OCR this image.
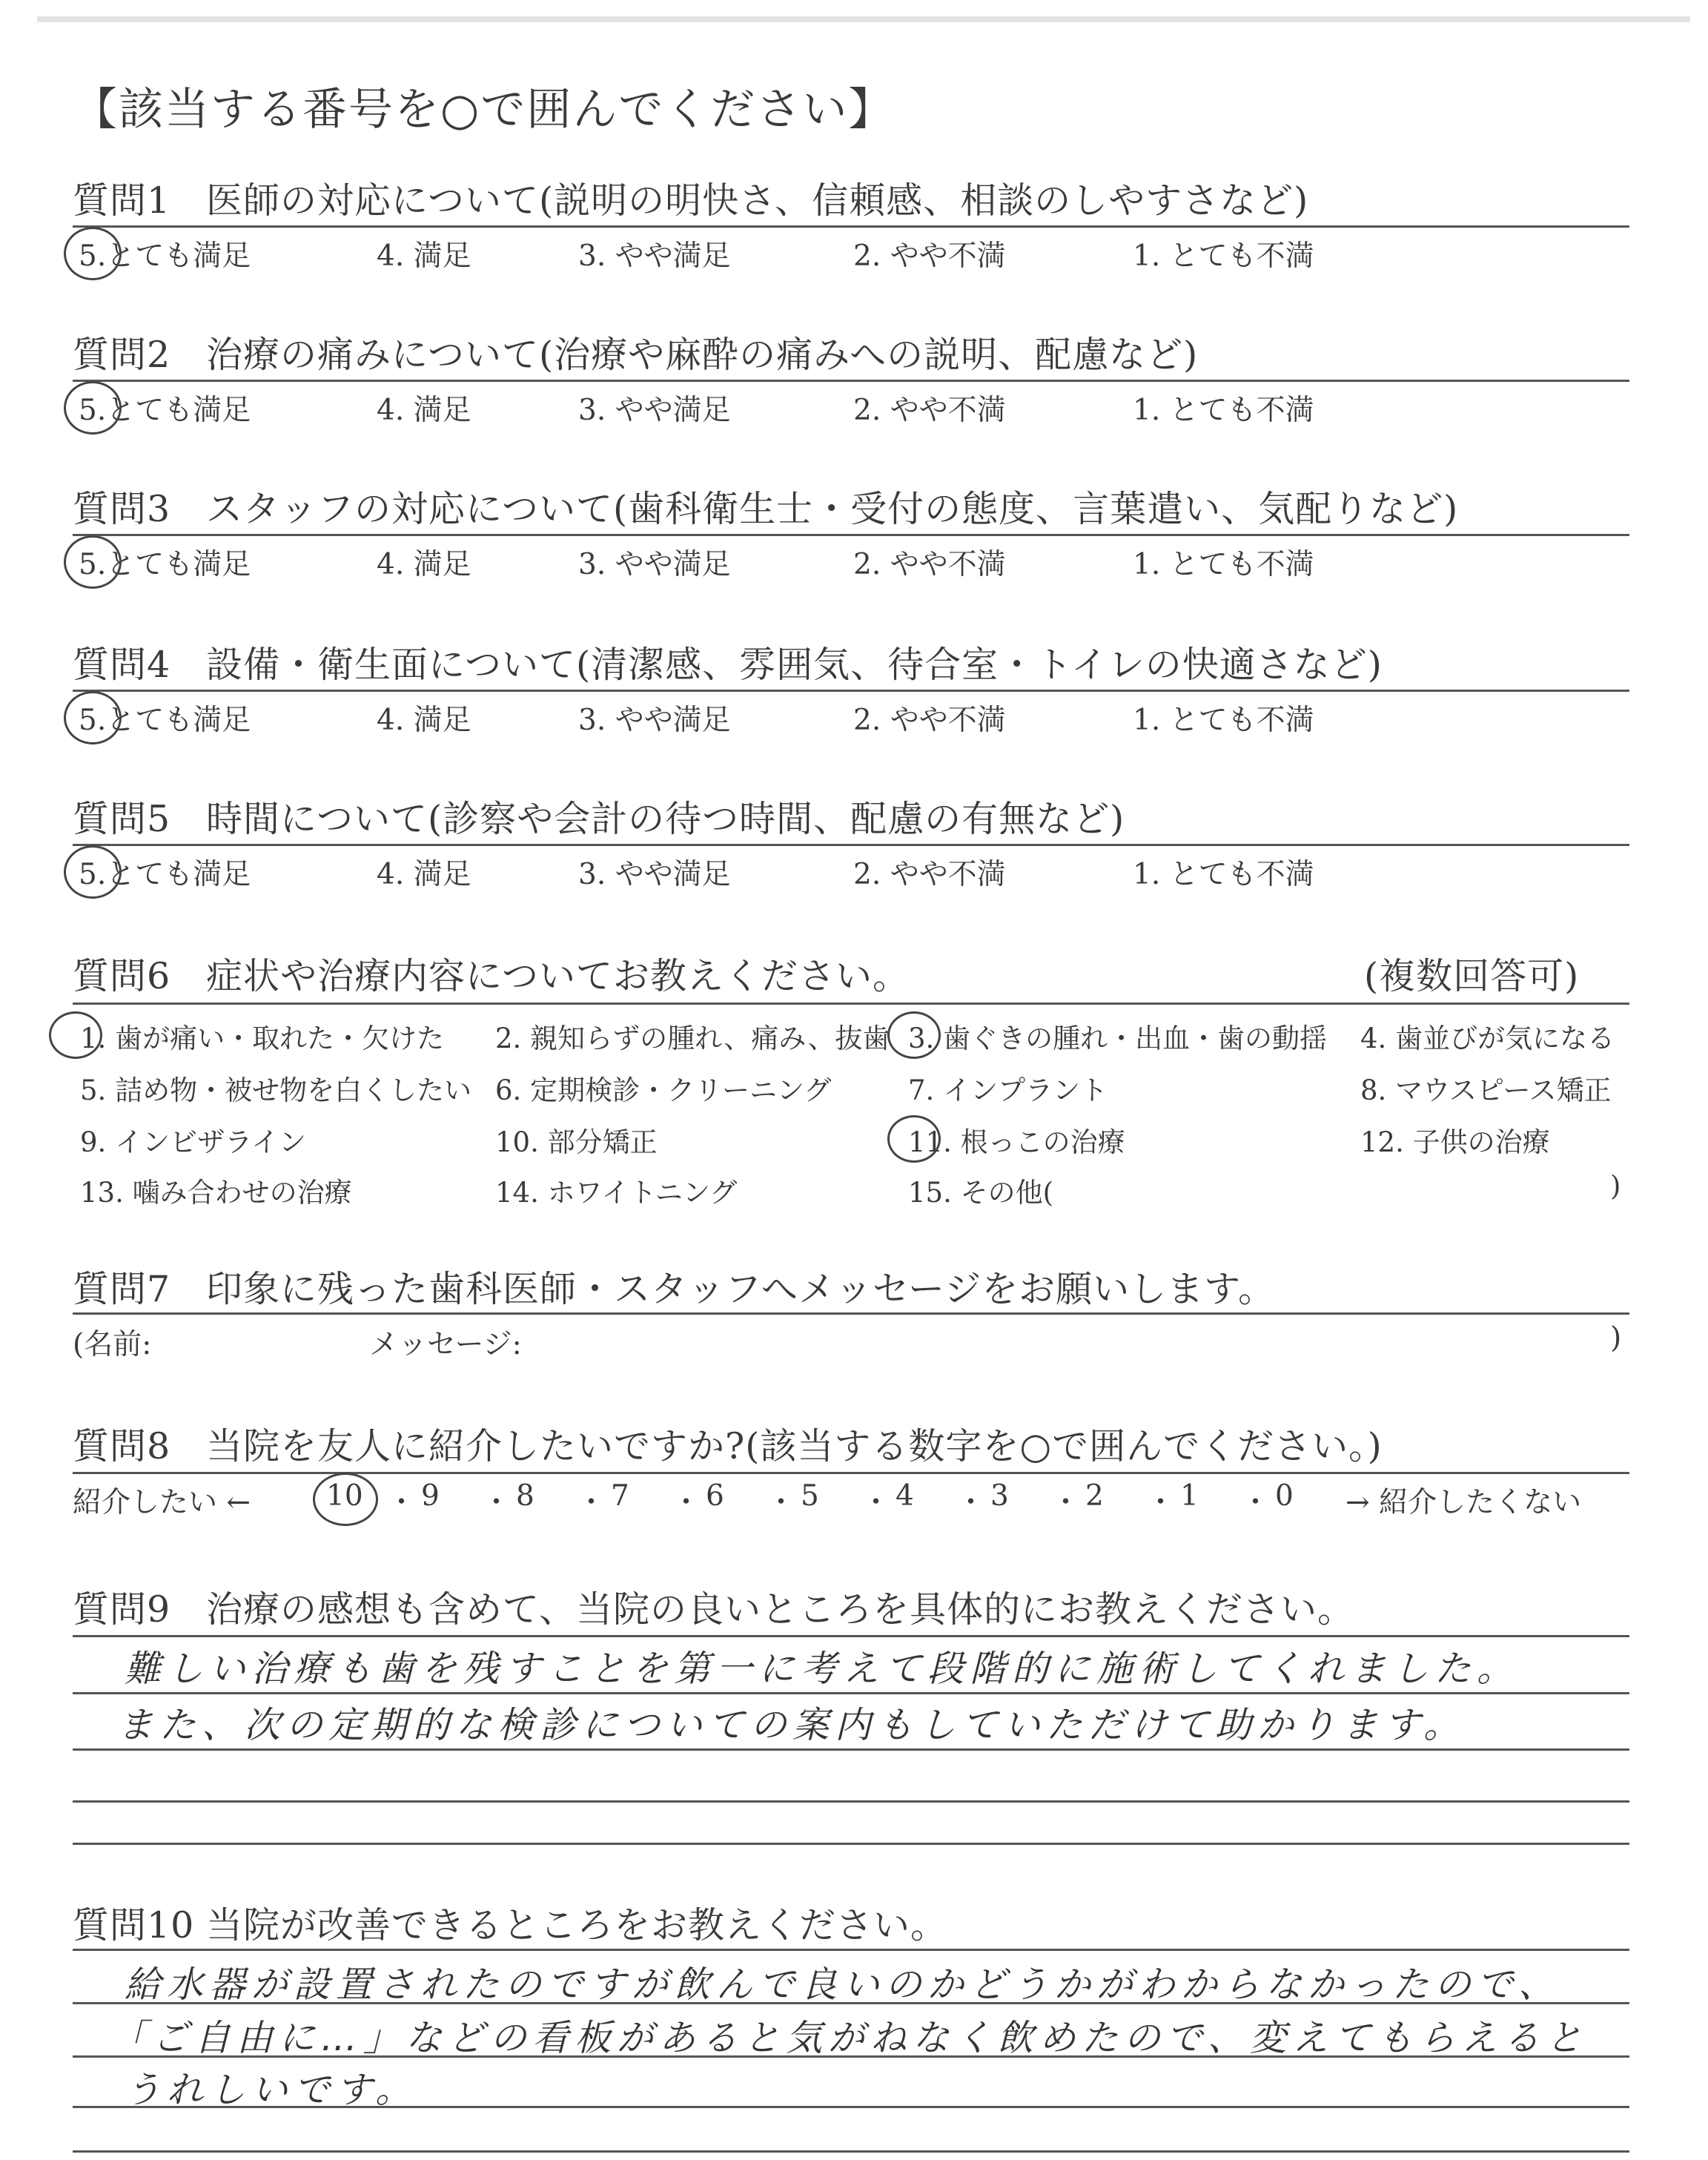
【該当する番号を○で囲んでください】
質問1 医師の対応について(説明の明快さ、信頼感、相談のしやすさなど)
5.とても満足	4. 満足	3. やや満足	2. やや不満	1. とても不満
質問2 治療の痛みについて(治療や麻酔の痛みへの説明、配慮など)
5.とても満足	4. 満足	3. やや満足	2. やや不満	1. とても不満
質問3 スタッフの対応について(歯科衛生士・受付の態度、言葉遣い、気配りなど)
5.とても満足	4. 満足	3. やや満足	2. やや不満	1. とても不満
質問4 設備・衛生面について(清潔感、雰囲気、待合室・トイレの快適さなど)
5.とても満足	4. 満足	3. やや満足	2. やや不満	1. とても不満
質問5 時間について(診察や会計の待つ時間、配慮の有無など)
5.とても満足	4. 満足	3. やや満足	2. やや不満	1. とても不満
質問6 症状や治療内容についてお教えください。	(複数回答可)
1. 歯が痛い・取れた・欠けた 2. 親知らずの腫れ、痛み、抜歯 3. 歯ぐきの腫れ・出血・歯の動揺 4. 歯並びが気になる
5. 詰め物・被せ物を白くしたい 6. 定期検診・クリーニング	7. インプラント	8. マウスピース矯正
9. インビザライン	10. 部分矯正	11. 根っこの治療	12. 子供の治療
13. 噛み合わせの治療	14. ホワイトニング	15. その他(	)
質問7 印象に残った歯科医師・スタッフへメッセージをお願いします。
(名前:	メッセージ:	)
質問8 当院を友人に紹介したいですか?(該当する数字を○で囲んでください。)
紹介したい ←	→ 紹介したくない
10 ・ 9 ・ 8 ・ 7 ・ 6 ・ 5 ・ 4 ・ 3 ・ 2 ・ 1 ・ 0
質問9 治療の感想も含めて、当院の良いところを具体的にお教えください。
難しい治療も歯を残すことを第一に考えて段階的に施術してくれました。
また、次の定期的な検診についての案内もしていただけて助かります。
質問10 当院が改善できるところをお教えください。
給水器が設置されたのですが飲んで良いのかどうかがわからなかったので、
「ご自由に…」などの看板があると気がねなく飲めたので、変えてもらえると
うれしいです。
